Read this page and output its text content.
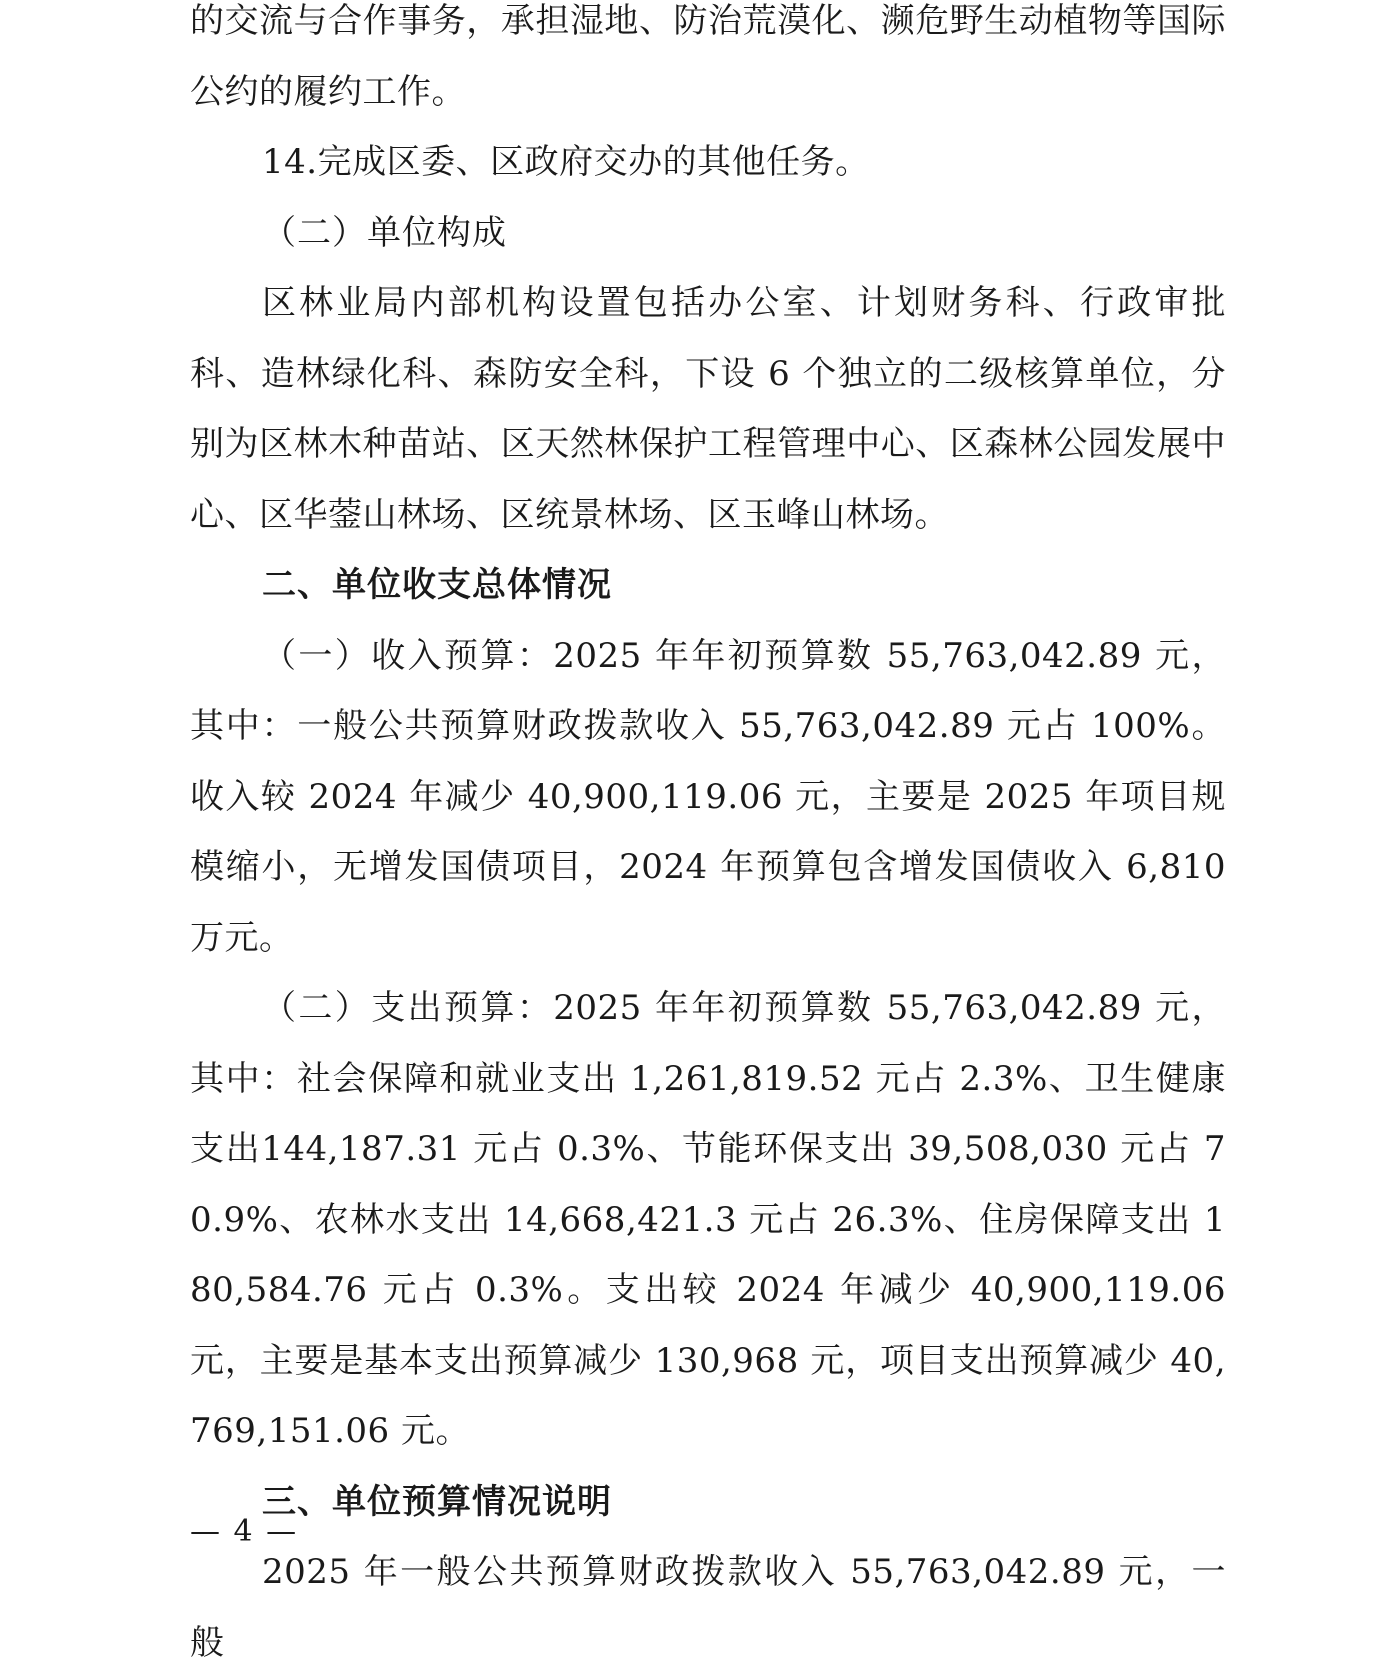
的交流与合作事务，承担湿地、防治荒漠化、濒危野生动植物等国际公约的履约工作。

14.完成区委、区政府交办的其他任务。

（二）单位构成

区林业局内部机构设置包括办公室、计划财务科、行政审批科、造林绿化科、森防安全科，下设 6 个独立的二级核算单位，分别为区林木种苗站、区天然林保护工程管理中心、区森林公园发展中心、区华蓥山林场、区统景林场、区玉峰山林场。

二、单位收支总体情况

（一）收入预算：2025 年年初预算数 55,763,042.89 元，其中：一般公共预算财政拨款收入 55,763,042.89 元占 100%。收入较 2024 年减少 40,900,119.06 元，主要是 2025 年项目规模缩小，无增发国债项目，2024 年预算包含增发国债收入 6,810 万元。

（二）支出预算：2025 年年初预算数 55,763,042.89 元，其中：社会保障和就业支出 1,261,819.52 元占 2.3%、卫生健康支出144,187.31 元占 0.3%、节能环保支出 39,508,030 元占 70.9%、农林水支出 14,668,421.3 元占 26.3%、住房保障支出 180,584.76 元占 0.3%。支出较 2024 年减少 40,900,119.06 元，主要是基本支出预算减少 130,968 元，项目支出预算减少 40,769,151.06 元。

三、单位预算情况说明

2025 年一般公共预算财政拨款收入 55,763,042.89 元，一般

— 4 —
